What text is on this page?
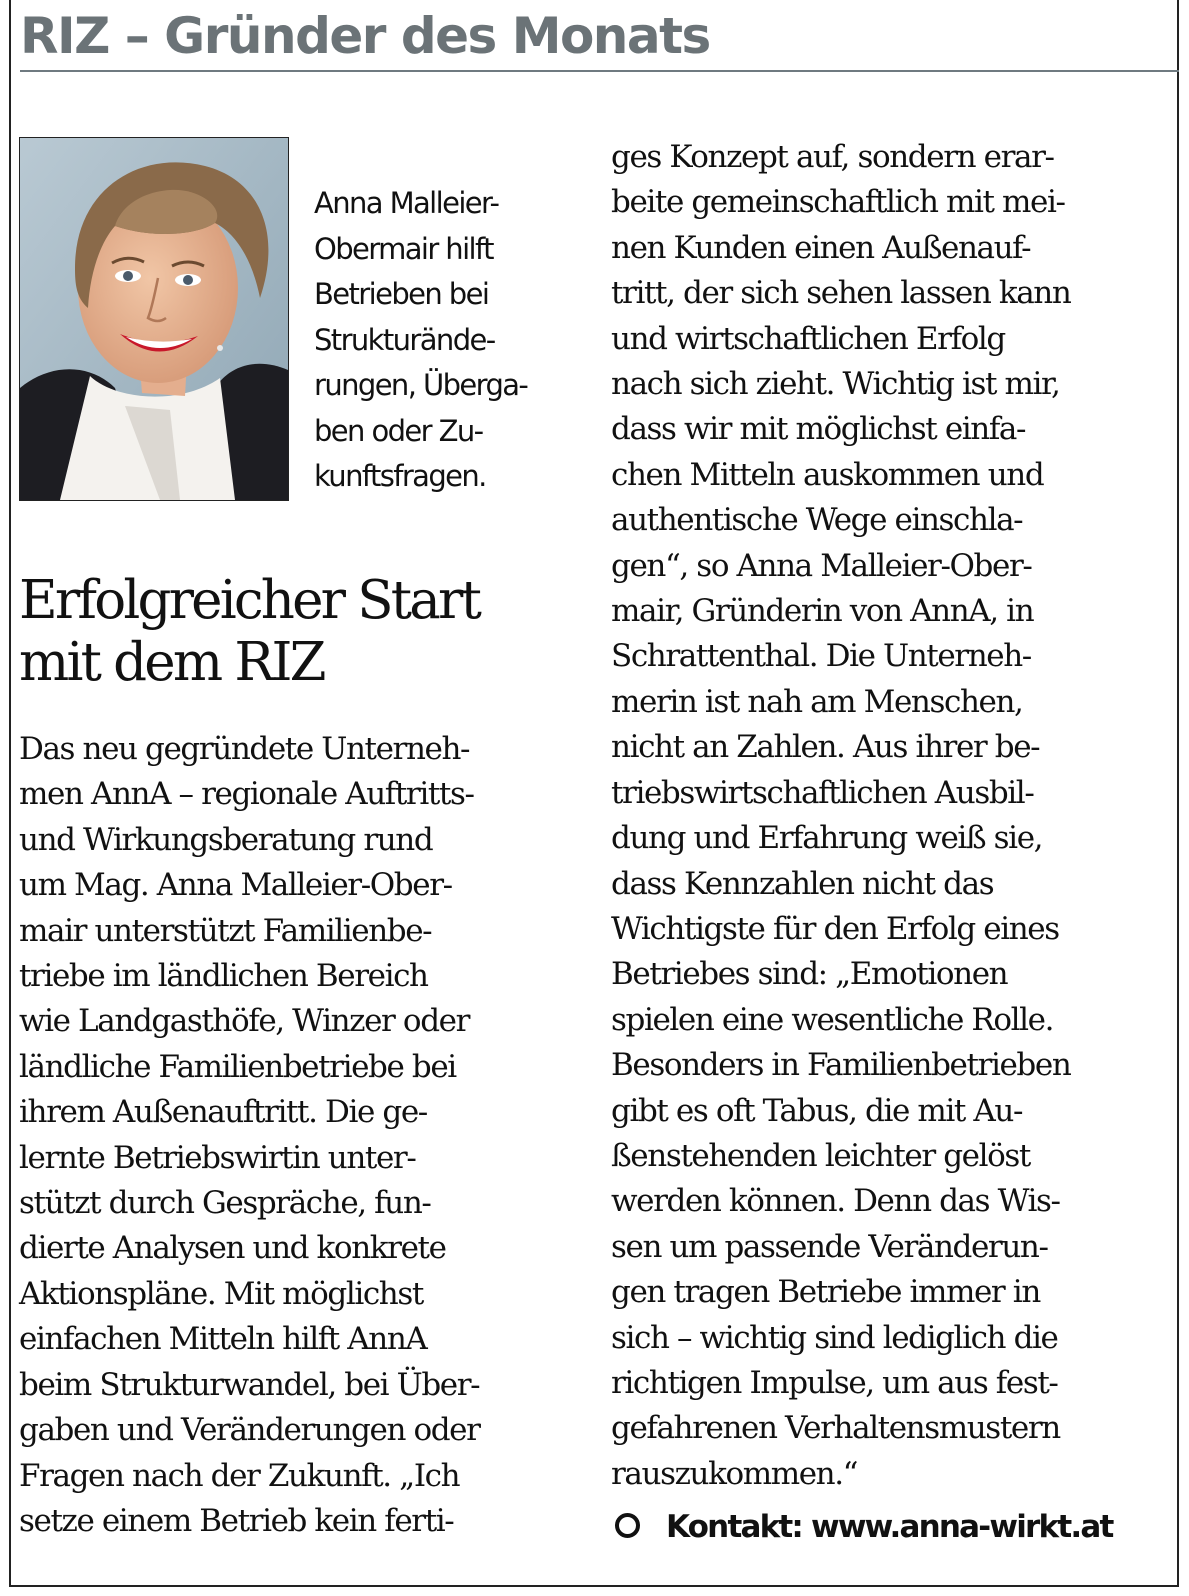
RIZ – Gründer des Monats
Anna Malleier-
Obermair hilft
Betrieben bei
Strukturände-
rungen, Überga-
ben oder Zu-
kunftsfragen.
Erfolgreicher Start
mit dem RIZ
Das neu gegründete Unterneh-
men AnnA – regionale Auftritts-
und Wirkungsberatung rund
um Mag. Anna Malleier-Ober-
mair unterstützt Familienbe-
triebe im ländlichen Bereich
wie Landgasthöfe, Winzer oder
ländliche Familienbetriebe bei
ihrem Außenauftritt. Die ge-
lernte Betriebswirtin unter-
stützt durch Gespräche, fun-
dierte Analysen und konkrete
Aktionspläne. Mit möglichst
einfachen Mitteln hilft AnnA
beim Strukturwandel, bei Über-
gaben und Veränderungen oder
Fragen nach der Zukunft. „Ich
setze einem Betrieb kein ferti-
ges Konzept auf, sondern erar-
beite gemeinschaftlich mit mei-
nen Kunden einen Außenauf-
tritt, der sich sehen lassen kann
und wirtschaftlichen Erfolg
nach sich zieht. Wichtig ist mir,
dass wir mit möglichst einfa-
chen Mitteln auskommen und
authentische Wege einschla-
gen“, so Anna Malleier-Ober-
mair, Gründerin von AnnA, in
Schrattenthal. Die Unterneh-
merin ist nah am Menschen,
nicht an Zahlen. Aus ihrer be-
triebswirtschaftlichen Ausbil-
dung und Erfahrung weiß sie,
dass Kennzahlen nicht das
Wichtigste für den Erfolg eines
Betriebes sind: „Emotionen
spielen eine wesentliche Rolle.
Besonders in Familienbetrieben
gibt es oft Tabus, die mit Au-
ßenstehenden leichter gelöst
werden können. Denn das Wis-
sen um passende Veränderun-
gen tragen Betriebe immer in
sich – wichtig sind lediglich die
richtigen Impulse, um aus fest-
gefahrenen Verhaltensmustern
rauszukommen.“
Kontakt: www.anna-wirkt.at
